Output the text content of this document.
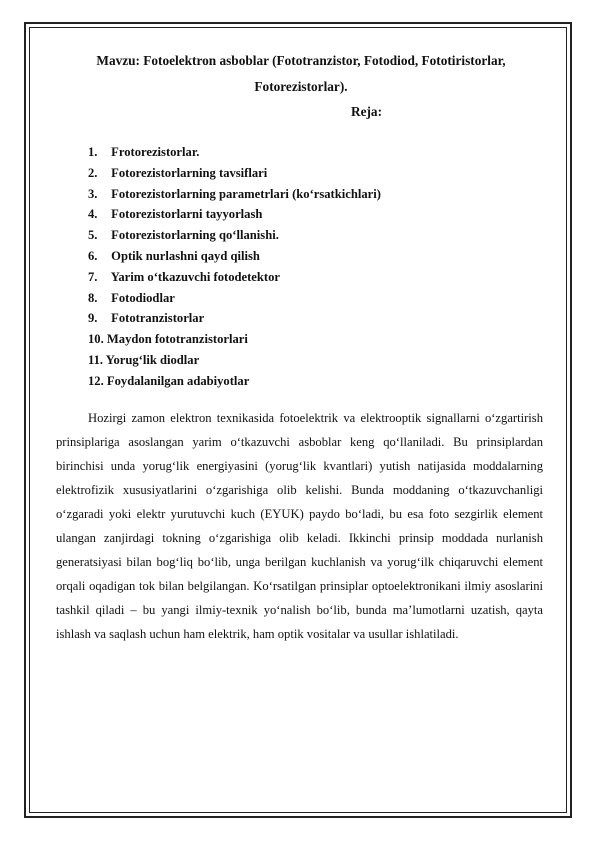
Mavzu: Fotoelektron asboblar (Fototranzistor, Fotodiod, Fototiristorlar,
Fotorezistorlar).
Reja:
1. Frotorezistorlar.
2. Fotorezistorlarning tavsiflari
3. Fotorezistorlarning parametrlari (koʻrsatkichlari)
4. Fotorezistorlarni tayyorlash
5. Fotorezistorlarning qoʻllanishi.
6. Optik nurlashni qayd qilish
7. Yarim oʻtkazuvchi fotodetektor
8. Fotodiodlar
9. Fototranzistorlar
10. Maydon fototranzistorlari
11. Yorugʻlik diodlar
12. Foydalanilgan adabiyotlar

Hozirgi zamon elektron texnikasida fotoelektrik va elektrooptik signallarni oʻzgartirish prinsiplariga asoslangan yarim oʻtkazuvchi asboblar keng qoʻllaniladi. Bu prinsiplardan birinchisi unda yorugʻlik energiyasini (yorugʻlik kvantlari) yutish natijasida moddalarning elektrofizik xususiyatlarini oʻzgarishiga olib kelishi. Bunda moddaning oʻtkazuvchanligi oʻzgaradi yoki elektr yurutuvchi kuch (EYUK) paydo boʻladi, bu esa foto sezgirlik element ulangan zanjirdagi tokning oʻzgarishiga olib keladi. Ikkinchi prinsip moddada nurlanish generatsiyasi bilan bogʻliq boʻlib, unga berilgan kuchlanish va yorugʻilk chiqaruvchi element orqali oqadigan tok bilan belgilangan. Koʻrsatilgan prinsiplar optoelektronikani ilmiy asoslarini tashkil qiladi – bu yangi ilmiy-texnik yoʻnalish boʻlib, bunda maʼlumotlarni uzatish, qayta ishlash va saqlash uchun ham elektrik, ham optik vositalar va usullar ishlatiladi.
